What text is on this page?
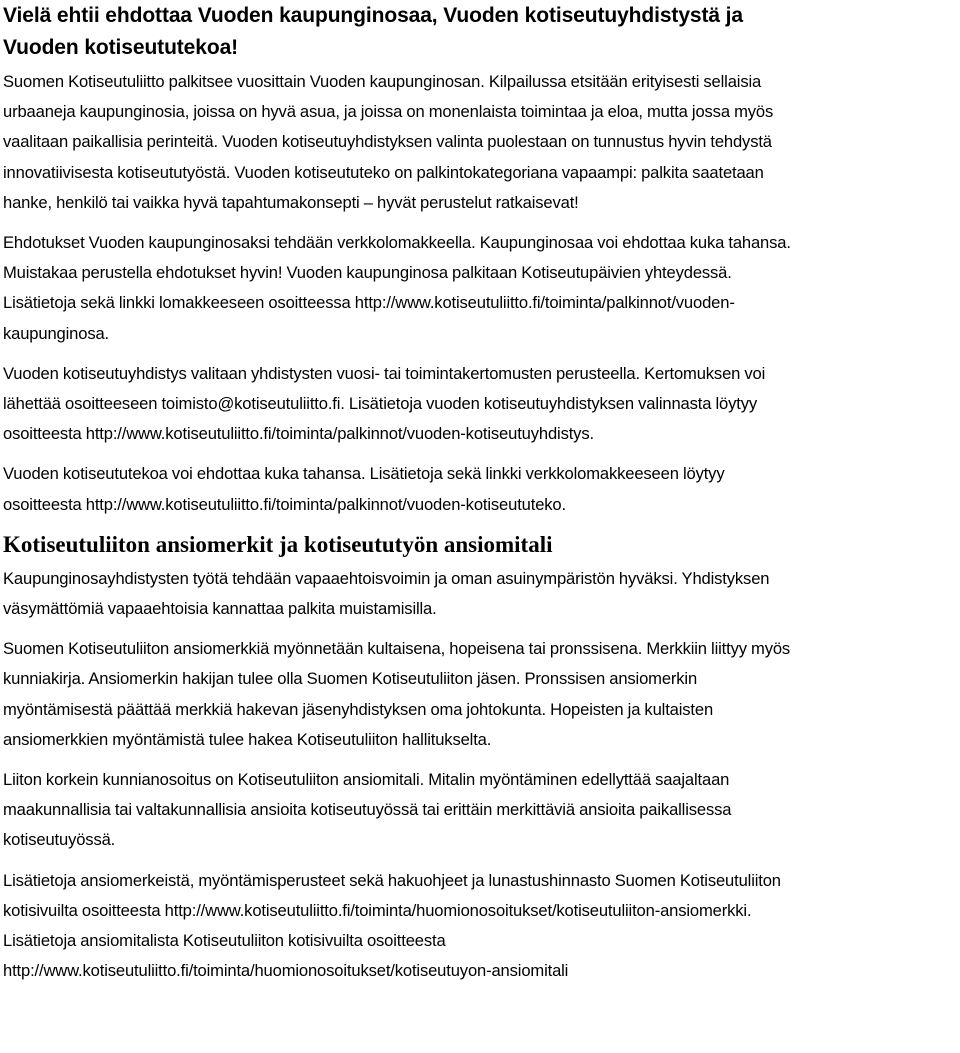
Vielä ehtii ehdottaa Vuoden kaupunginosaa, Vuoden kotiseutuyhdistystä ja
Vuoden kotiseututekoa!

Suomen Kotiseutuliitto palkitsee vuosittain Vuoden kaupunginosan. Kilpailussa etsitään erityisesti sellaisia
urbaaneja kaupunginosia, joissa on hyvä asua, ja joissa on monenlaista toimintaa ja eloa, mutta jossa myös
vaalitaan paikallisia perinteitä. Vuoden kotiseutuyhdistyksen valinta puolestaan on tunnustus hyvin tehdystä
innovatiivisesta kotiseututyöstä. Vuoden kotiseututeko on palkintokategoriana vapaampi: palkita saatetaan
hanke, henkilö tai vaikka hyvä tapahtumakonsepti – hyvät perustelut ratkaisevat!

Ehdotukset Vuoden kaupunginosaksi tehdään verkkolomakkeella. Kaupunginosaa voi ehdottaa kuka tahansa.
Muistakaa perustella ehdotukset hyvin! Vuoden kaupunginosa palkitaan Kotiseutupäivien yhteydessä.
Lisätietoja sekä linkki lomakkeeseen osoitteessa http://www.kotiseutuliitto.fi/toiminta/palkinnot/vuoden-
kaupunginosa.

Vuoden kotiseutuyhdistys valitaan yhdistysten vuosi- tai toimintakertomusten perusteella. Kertomuksen voi
lähettää osoitteeseen toimisto@kotiseutuliitto.fi. Lisätietoja vuoden kotiseutuyhdistyksen valinnasta löytyy
osoitteesta http://www.kotiseutuliitto.fi/toiminta/palkinnot/vuoden-kotiseutuyhdistys.

Vuoden kotiseututekoa voi ehdottaa kuka tahansa. Lisätietoja sekä linkki verkkolomakkeeseen löytyy
osoitteesta http://www.kotiseutuliitto.fi/toiminta/palkinnot/vuoden-kotiseututeko.

Kotiseutuliiton ansiomerkit ja kotiseututyön ansiomitali

Kaupunginosayhdistysten työtä tehdään vapaaehtoisvoimin ja oman asuinympäristön hyväksi. Yhdistyksen
väsymättömiä vapaaehtoisia kannattaa palkita muistamisilla.

Suomen Kotiseutuliiton ansiomerkkiä myönnetään kultaisena, hopeisena tai pronssisena. Merkkiin liittyy myös
kunniakirja. Ansiomerkin hakijan tulee olla Suomen Kotiseutuliiton jäsen. Pronssisen ansiomerkin
myöntämisestä päättää merkkiä hakevan jäsenyhdistyksen oma johtokunta. Hopeisten ja kultaisten
ansiomerkkien myöntämistä tulee hakea Kotiseutuliiton hallitukselta.

Liiton korkein kunnianosoitus on Kotiseutuliiton ansiomitali. Mitalin myöntäminen edellyttää saajaltaan
maakunnallisia tai valtakunnallisia ansioita kotiseutuyössä tai erittäin merkittäviä ansioita paikallisessa
kotiseutuyössä.

Lisätietoja ansiomerkeistä, myöntämisperusteet sekä hakuohjeet ja lunastushinnasto Suomen Kotiseutuliiton
kotisivuilta osoitteesta http://www.kotiseutuliitto.fi/toiminta/huomionosoitukset/kotiseutuliiton-ansiomerkki.
Lisätietoja ansiomitalista Kotiseutuliiton kotisivuilta osoitteesta
http://www.kotiseutuliitto.fi/toiminta/huomionosoitukset/kotiseutuyon-ansiomitali
